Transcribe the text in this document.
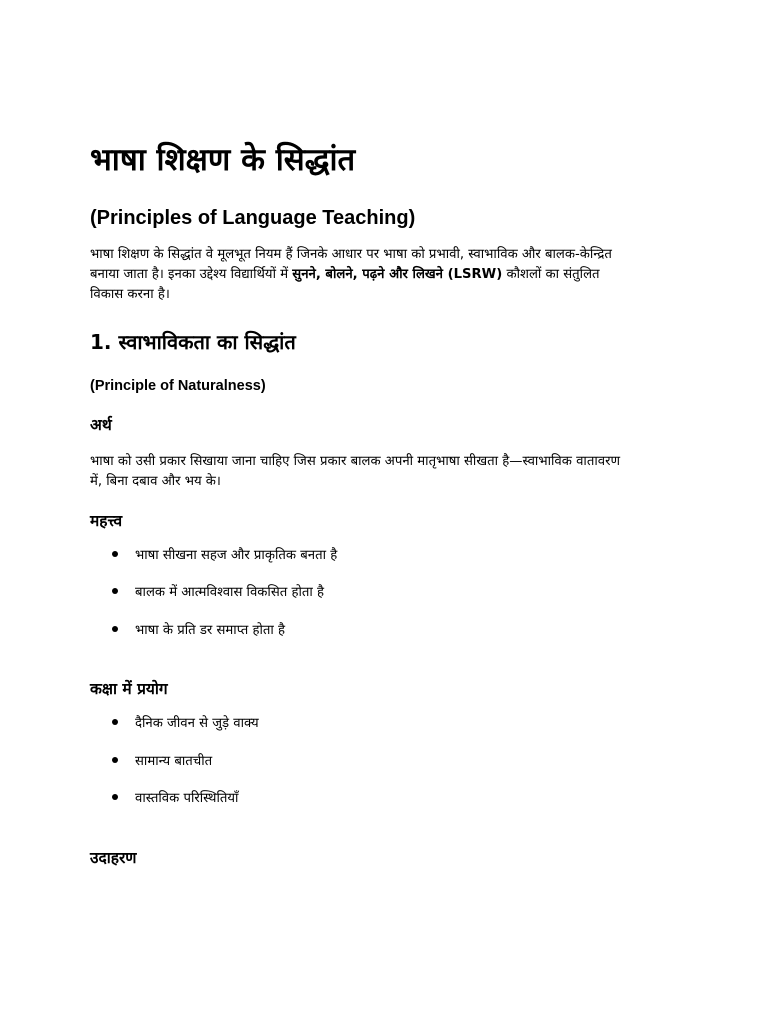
भाषा शिक्षण के सिद्धांत
(Principles of Language Teaching)

भाषा शिक्षण के सिद्धांत वे मूलभूत नियम हैं जिनके आधार पर भाषा को प्रभावी, स्वाभाविक और बालक-केन्द्रित
बनाया जाता है। इनका उद्देश्य विद्यार्थियों में सुनने, बोलने, पढ़ने और लिखने (LSRW) कौशलों का संतुलित
विकास करना है।

1. स्वाभाविकता का सिद्धांत
(Principle of Naturalness)
अर्थ

भाषा को उसी प्रकार सिखाया जाना चाहिए जिस प्रकार बालक अपनी मातृभाषा सीखता है—स्वाभाविक वातावरण
में, बिना दबाव और भय के।

महत्त्व
भाषा सीखना सहज और प्राकृतिक बनता है
बालक में आत्मविश्वास विकसित होता है
भाषा के प्रति डर समाप्त होता है
कक्षा में प्रयोग
दैनिक जीवन से जुड़े वाक्य
सामान्य बातचीत
वास्तविक परिस्थितियाँ
उदाहरण
